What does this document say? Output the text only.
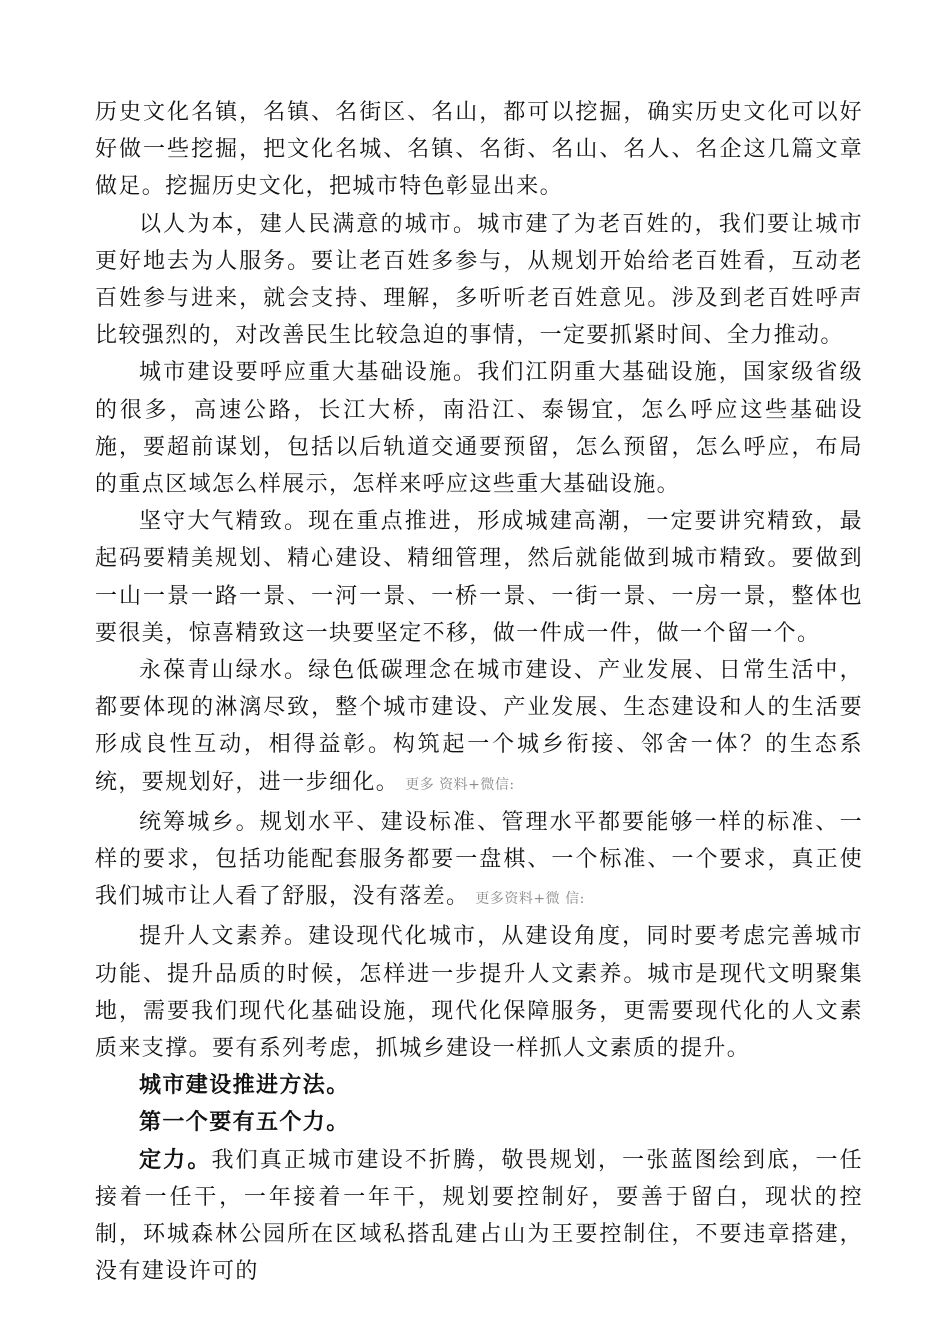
历史文化名镇，名镇、名街区、名山，都可以挖掘，确实历史文化可以好好做一些挖掘，把文化名城、名镇、名街、名山、名人、名企这几篇文章做足。挖掘历史文化，把城市特色彰显出来。

以人为本，建人民满意的城市。城市建了为老百姓的，我们要让城市更好地去为人服务。要让老百姓多参与，从规划开始给老百姓看，互动老百姓参与进来，就会支持、理解，多听听老百姓意见。涉及到老百姓呼声比较强烈的，对改善民生比较急迫的事情，一定要抓紧时间、全力推动。

城市建设要呼应重大基础设施。我们江阴重大基础设施，国家级省级的很多，高速公路，长江大桥，南沿江、泰锡宜，怎么呼应这些基础设施，要超前谋划，包括以后轨道交通要预留，怎么预留，怎么呼应，布局的重点区域怎么样展示，怎样来呼应这些重大基础设施。

坚守大气精致。现在重点推进，形成城建高潮，一定要讲究精致，最起码要精美规划、精心建设、精细管理，然后就能做到城市精致。要做到一山一景一路一景、一河一景、一桥一景、一街一景、一房一景，整体也要很美，惊喜精致这一块要坚定不移，做一件成一件，做一个留一个。

永葆青山绿水。绿色低碳理念在城市建设、产业发展、日常生活中，都要体现的淋漓尽致，整个城市建设、产业发展、生态建设和人的生活要形成良性互动，相得益彰。构筑起一个城乡衔接、邻舍一体？的生态系统，要规划好，进一步细化。 更多 资料+微信:

统筹城乡。规划水平、建设标准、管理水平都要能够一样的标准、一样的要求，包括功能配套服务都要一盘棋、一个标准、一个要求，真正使我们城市让人看了舒服，没有落差。 更多资料+微 信:

提升人文素养。建设现代化城市，从建设角度，同时要考虑完善城市功能、提升品质的时候，怎样进一步提升人文素养。城市是现代文明聚集地，需要我们现代化基础设施，现代化保障服务，更需要现代化的人文素质来支撑。要有系列考虑，抓城乡建设一样抓人文素质的提升。

城市建设推进方法。

第一个要有五个力。

定力。我们真正城市建设不折腾，敬畏规划，一张蓝图绘到底，一任接着一任干，一年接着一年干，规划要控制好，要善于留白，现状的控制，环城森林公园所在区域私搭乱建占山为王要控制住，不要违章搭建，没有建设许可的
